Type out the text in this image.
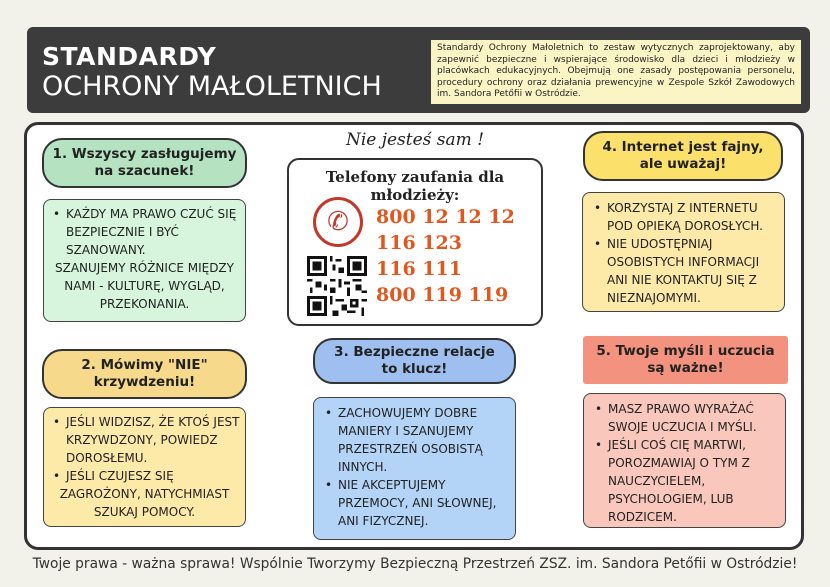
STANDARDY
OCHRONY MAŁOLETNICH
Standardy Ochrony Małoletnich to zestaw wytycznych zaprojektowany, aby zapewnić bezpieczne i wspierające środowisko dla dzieci i młodzieży w placówkach edukacyjnych. Obejmują one zasady postępowania personelu, procedury ochrony oraz działania prewencyjne w Zespole Szkół Zawodowych im. Sandora Petőfii w Ostródzie.
1. Wszyscy zasługujemy
na szacunek!
• KAŻDY MA PRAWO CZUĆ SIĘ BEZPIECZNIE I BYĆ SZANOWANY.
SZANUJEMY RÓŻNICE MIĘDZY NAMI - KULTURĘ, WYGLĄD, PRZEKONANIA.
2. Mówimy "NIE"
krzywdzeniu!
• JEŚLI WIDZISZ, ŻE KTOŚ JEST KRZYWDZONY, POWIEDZ DOROSŁEMU.
• JEŚLI CZUJESZ SIĘ
ZAGROŻONY, NATYCHMIAST SZUKAJ POMOCY.
Nie jesteś sam !
Telefony zaufania dla młodzieży:
✆	800 12 12 12
116 123
116 111
800 119 119
3. Bezpieczne relacje
to klucz!
• ZACHOWUJEMY DOBRE MANIERY I SZANUJEMY PRZESTRZEŃ OSOBISTĄ INNYCH.
• NIE AKCEPTUJEMY PRZEMOCY, ANI SŁOWNEJ, ANI FIZYCZNEJ.
4. Internet jest fajny,
ale uważaj!
• KORZYSTAJ Z INTERNETU POD OPIEKĄ DOROSŁYCH.
• NIE UDOSTĘPNIAJ OSOBISTYCH INFORMACJI ANI NIE KONTAKTUJ SIĘ Z NIEZNAJOMYMI.
5. Twoje myśli i uczucia
są ważne!
• MASZ PRAWO WYRAŻAĆ SWOJE UCZUCIA I MYŚLI.
• JEŚLI COŚ CIĘ MARTWI, POROZMAWIAJ O TYM Z NAUCZYCIELEM, PSYCHOLOGIEM, LUB RODZICEM.
Twoje prawa - ważna sprawa! Wspólnie Tworzymy Bezpieczną Przestrzeń ZSZ. im. Sandora Petőfii w Ostródzie!
